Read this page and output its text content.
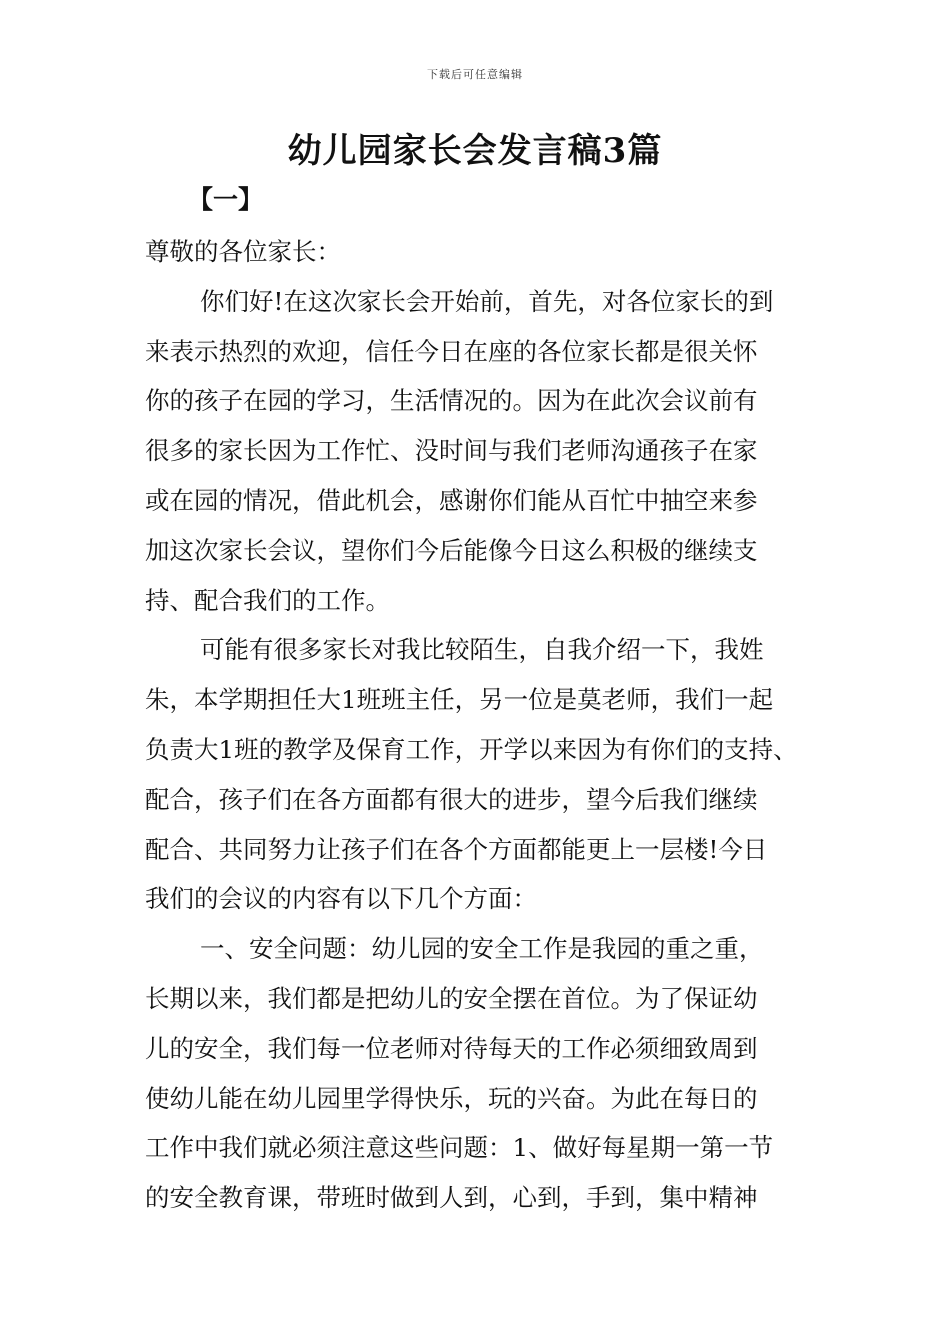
下载后可任意编辑
幼儿园家长会发言稿3篇
【一】
尊敬的各位家长：

你们好!在这次家长会开始前，首先，对各位家长的到
来表示热烈的欢迎，信任今日在座的各位家长都是很关怀
你的孩子在园的学习，生活情况的。因为在此次会议前有
很多的家长因为工作忙、没时间与我们老师沟通孩子在家
或在园的情况，借此机会，感谢你们能从百忙中抽空来参
加这次家长会议，望你们今后能像今日这么积极的继续支
持、配合我们的工作。

可能有很多家长对我比较陌生，自我介绍一下，我姓
朱，本学期担任大1班班主任，另一位是莫老师，我们一起
负责大1班的教学及保育工作，开学以来因为有你们的支持、
配合，孩子们在各方面都有很大的进步，望今后我们继续
配合、共同努力让孩子们在各个方面都能更上一层楼!今日
我们的会议的内容有以下几个方面：

一、安全问题：幼儿园的安全工作是我园的重之重，
长期以来，我们都是把幼儿的安全摆在首位。为了保证幼
儿的安全，我们每一位老师对待每天的工作必须细致周到
使幼儿能在幼儿园里学得快乐，玩的兴奋。为此在每日的
工作中我们就必须注意这些问题：1、做好每星期一第一节
的安全教育课，带班时做到人到，心到，手到，集中精神
